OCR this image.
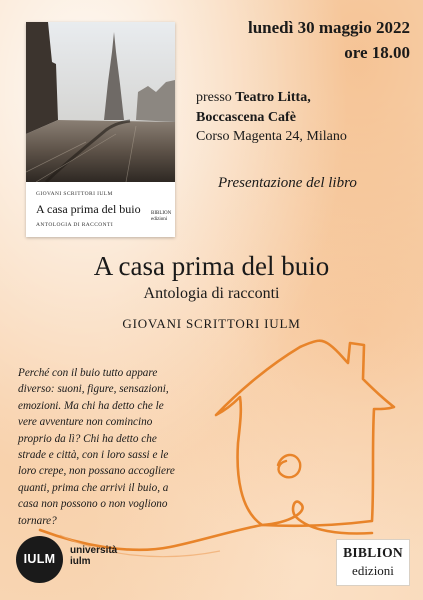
GIOVANI SCRITTORI IULM
A casa prima del buio
ANTOLOGIA DI RACCONTI
BIBLION
edizioni
lunedì 30 maggio 2022
ore 18.00
presso Teatro Litta,
Boccascena Cafè
Corso Magenta 24, Milano
Presentazione del libro
A casa prima del buio
Antologia di racconti
GIOVANI SCRITTORI IULM
Perché con il buio tutto appare diverso: suoni, figure, sensazioni, emozioni. Ma chi ha detto che le vere avventure non comincino proprio da lì? Chi ha detto che strade e città, con i loro sassi e le loro crepe, non possano accogliere quanti, prima che arrivi il buio, a casa non possono o non vogliono tornare?
IULM
università
iulm
BIBLION
edizioni
